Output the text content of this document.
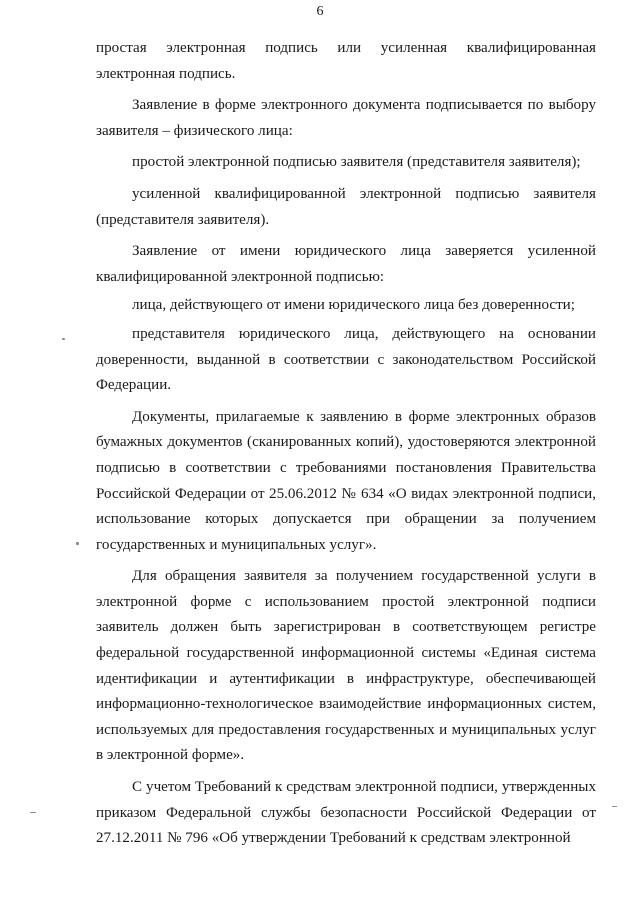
6

простая электронная подпись или усиленная квалифицированная электронная подпись.

Заявление в форме электронного документа подписывается по выбору заявителя – физического лица:

простой электронной подписью заявителя (представителя заявителя);

усиленной квалифицированной электронной подписью заявителя (представителя заявителя).

Заявление от имени юридического лица заверяется усиленной квалифицированной электронной подписью:

лица, действующего от имени юридического лица без доверенности;

представителя юридического лица, действующего на основании доверенности, выданной в соответствии с законодательством Российской Федерации.

Документы, прилагаемые к заявлению в форме электронных образов бумажных документов (сканированных копий), удостоверяются электронной подписью в соответствии с требованиями постановления Правительства Российской Федерации от 25.06.2012 № 634 «О видах электронной подписи, использование которых допускается при обращении за получением государственных и муниципальных услуг».

Для обращения заявителя за получением государственной услуги в электронной форме с использованием простой электронной подписи заявитель должен быть зарегистрирован в соответствующем регистре федеральной государственной информационной системы «Единая система идентификации и аутентификации в инфраструктуре, обеспечивающей информационно-технологическое взаимодействие информационных систем, используемых для предоставления государственных и муниципальных услуг в электронной форме».

С учетом Требований к средствам электронной подписи, утвержденных приказом Федеральной службы безопасности Российской Федерации от 27.12.2011 № 796 «Об утверждении Требований к средствам электронной
